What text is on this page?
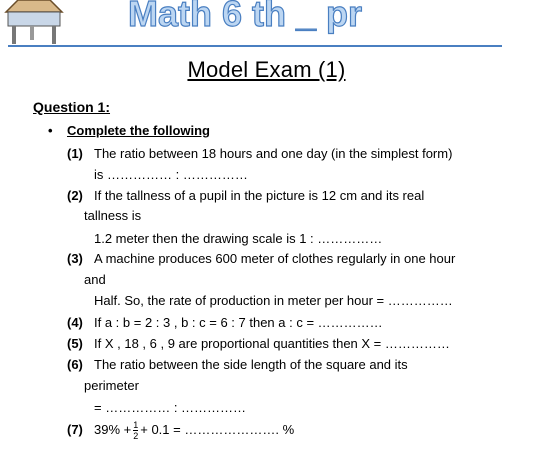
Math 6 th _ pr
Model Exam (1)
Question 1:
• Complete the following
(1) The ratio between 18 hours and one day (in the simplest form)
is …………… : ……………
(2) If the tallness of a pupil in the picture is 12 cm and its real
tallness is
1.2 meter then the drawing scale is 1 : ……………
(3) A machine produces 600 meter of clothes regularly in one hour
and
Half. So, the rate of production in meter per hour = ……………
(4) If a : b = 2 : 3 , b : c = 6 : 7 then a : c = ……………
(5) If X , 18 , 6 , 9 are proportional quantities then X = ……………
(6) The ratio between the side length of the square and its
perimeter
= …………… : ……………
(7) $39\% + \frac{1}{2} + 0.1$ = …………………. %
